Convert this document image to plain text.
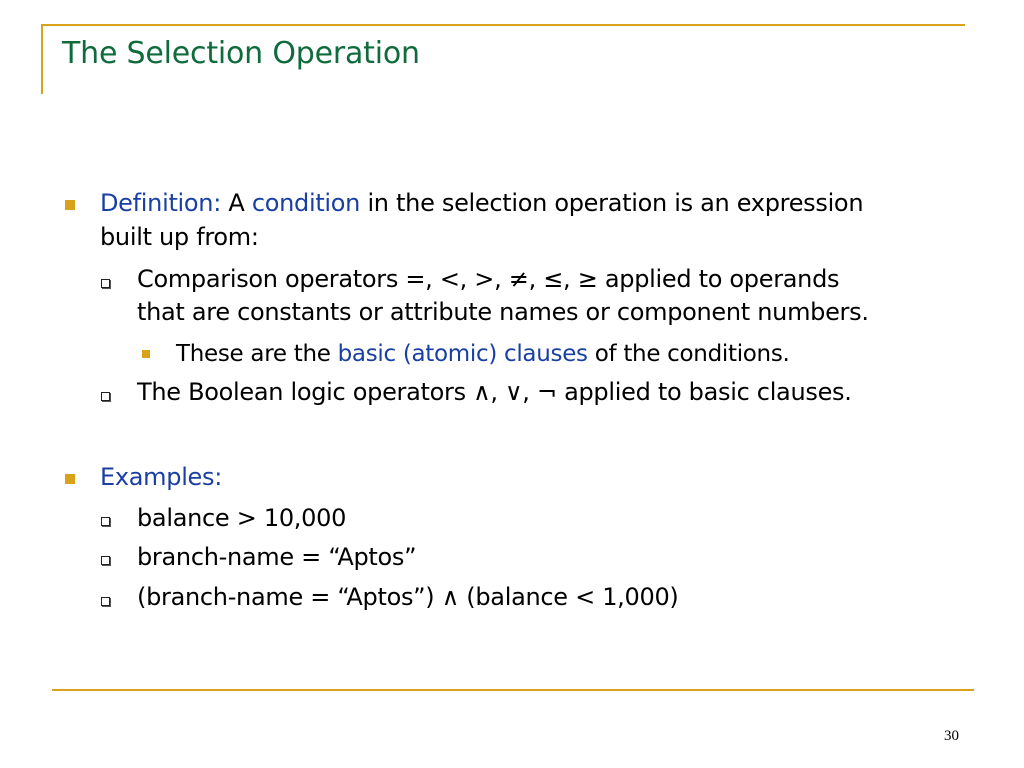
The Selection Operation
Definition: A condition in the selection operation is an expression
built up from:
Comparison operators =, <, >, ≠, ≤, ≥ applied to operands
that are constants or attribute names or component numbers.
These are the basic (atomic) clauses of the conditions.
The Boolean logic operators ∧, ∨, ¬ applied to basic clauses.
Examples:
balance > 10,000
branch-name = “Aptos”
(branch-name = “Aptos”) ∧ (balance < 1,000)
30
